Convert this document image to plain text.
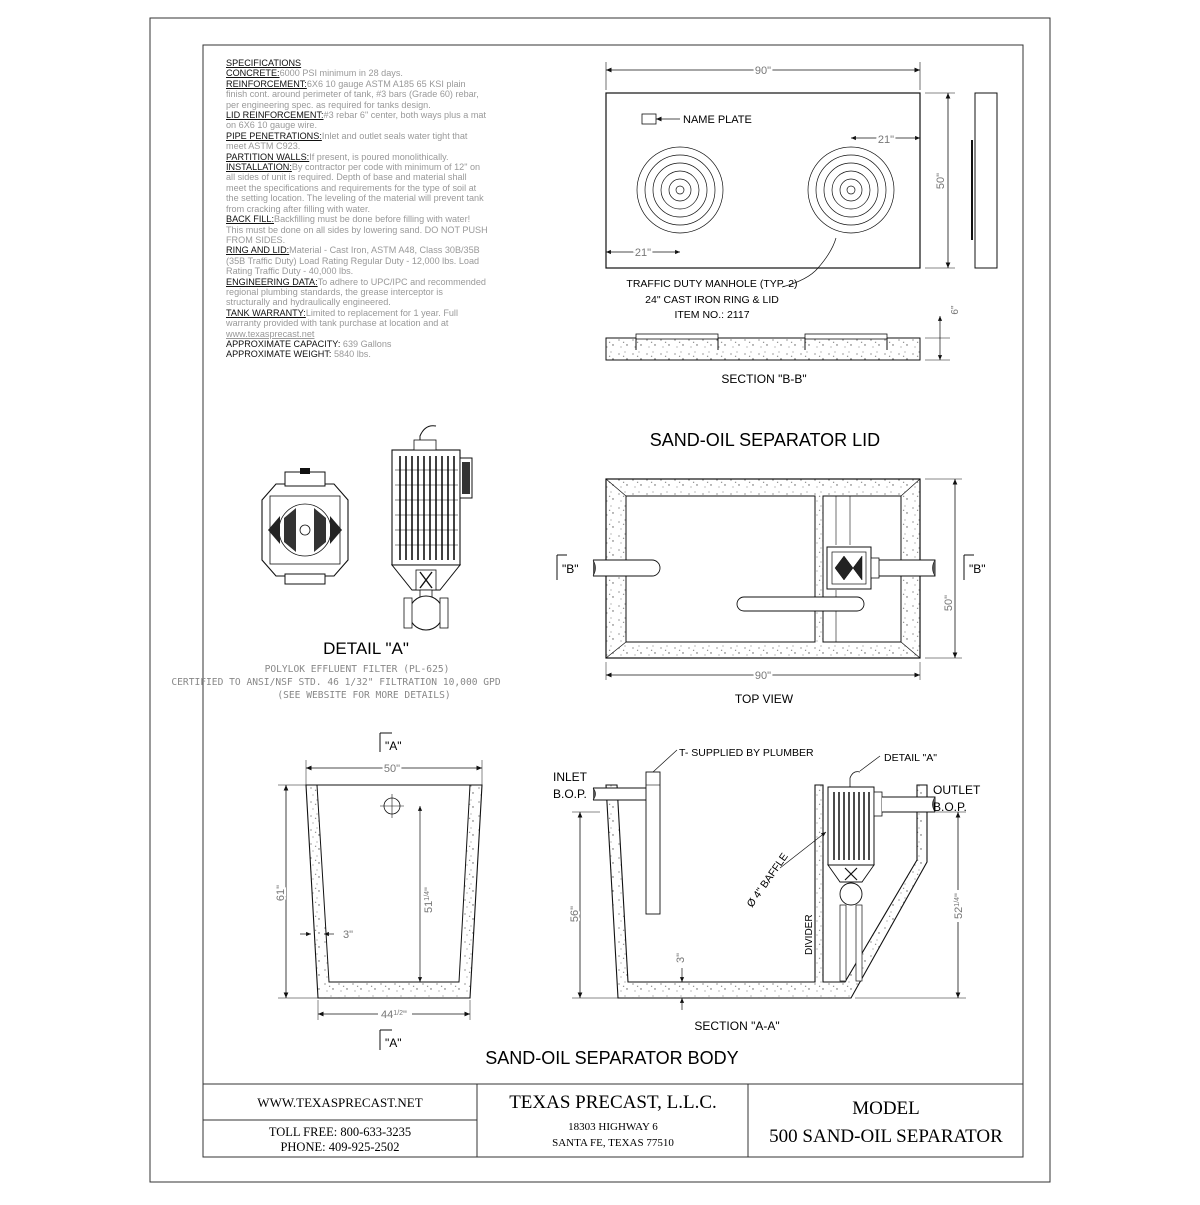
90"
NAME PLATE
21"
21"
50"
TRAFFIC DUTY MANHOLE (TYP. 2)
24" CAST IRON RING & LID
ITEM NO.: 2117	6"
SECTION "B-B"
SAND-OIL SEPARATOR LID
"B"	"B"
50"
90"
TOP VIEW
DETAIL "A"
POLYLOK EFFLUENT FILTER (PL-625)
CERTIFIED TO ANSI/NSF STD. 46 1/32" FILTRATION 10,000 GPD
(SEE WEBSITE FOR MORE DETAILS)
"A"
50"
$51^{1/4}$"
61"
3"
$44^{1/2}$"
"A"
T- SUPPLIED BY PLUMBER	DETAIL "A"
INLET
B.O.P.	OUTLET
B.O.P.
Ø 4" BAFFLE
DIVIDER
56"
3"
$52^{1/4}$"
SECTION "A-A"
SAND-OIL SEPARATOR BODY
WWW.TEXASPRECAST.NET
TOLL FREE: 800-633-3235
PHONE: 409-925-2502
TEXAS PRECAST, L.L.C.
18303 HIGHWAY 6
SANTA FE, TEXAS 77510
MODEL
500 SAND-OIL SEPARATOR
SPECIFICATIONS
CONCRETE:6000 PSI minimum in 28 days.
REINFORCEMENT:6X6 10 gauge ASTM A185 65 KSI plain finish cont. around perimeter of tank, #3 bars (Grade 60) rebar, per engineering spec. as required for tanks design.
LID REINFORCEMENT:#3 rebar 6" center, both ways plus a mat on 6X6 10 gauge wire.
PIPE PENETRATIONS:Inlet and outlet seals water tight that meet ASTM C923.
PARTITION WALLS:If present, is poured monolithically.
INSTALLATION:By contractor per code with minimum of 12" on all sides of unit is required. Depth of base and material shall meet the specifications and requirements for the type of soil at the setting location. The leveling of the material will prevent tank from cracking after filling with water.
BACK FILL:Backfilling must be done before filling with water! This must be done on all sides by lowering sand. DO NOT PUSH FROM SIDES.
RING AND LID:Material - Cast Iron, ASTM A48, Class 30B/35B (35B Traffic Duty) Load Rating Regular Duty - 12,000 lbs. Load Rating Traffic Duty - 40,000 lbs.
ENGINEERING DATA:To adhere to UPC/IPC and recommended regional plumbing standards, the grease interceptor is structurally and hydraulically engineered.
TANK WARRANTY:Limited to replacement for 1 year. Full warranty provided with tank purchase at location and at
www.texasprecast.net
APPROXIMATE CAPACITY: 639 Gallons
APPROXIMATE WEIGHT: 5840 lbs.
